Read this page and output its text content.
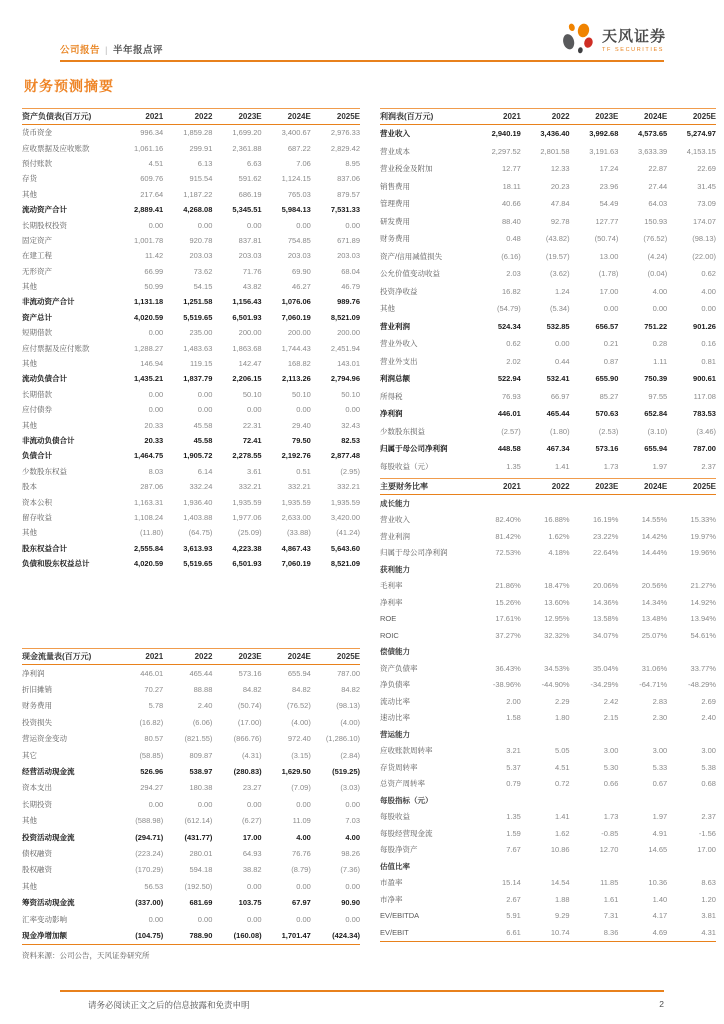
公司报告 | 半年报点评
天风证券
TF SECURITIES
财务预测摘要
资产负债表(百万元)	2021	2022	2023E	2024E	2025E
货币资金	996.34	1,859.28	1,699.20	3,400.67	2,976.33
应收票据及应收账款	1,061.16	299.91	2,361.88	687.22	2,829.42
预付账款	4.51	6.13	6.63	7.06	8.95
存货	609.76	915.54	591.62	1,124.15	837.06
其他	217.64	1,187.22	686.19	765.03	879.57
流动资产合计	2,889.41	4,268.08	5,345.51	5,984.13	7,531.33
长期股权投资	0.00	0.00	0.00	0.00	0.00
固定资产	1,001.78	920.78	837.81	754.85	671.89
在建工程	11.42	203.03	203.03	203.03	203.03
无形资产	66.99	73.62	71.76	69.90	68.04
其他	50.99	54.15	43.82	46.27	46.79
非流动资产合计	1,131.18	1,251.58	1,156.43	1,076.06	989.76
资产总计	4,020.59	5,519.65	6,501.93	7,060.19	8,521.09
短期借款	0.00	235.00	200.00	200.00	200.00
应付票据及应付账款	1,288.27	1,483.63	1,863.68	1,744.43	2,451.94
其他	146.94	119.15	142.47	168.82	143.01
流动负债合计	1,435.21	1,837.79	2,206.15	2,113.26	2,794.96
长期借款	0.00	0.00	50.10	50.10	50.10
应付债券	0.00	0.00	0.00	0.00	0.00
其他	20.33	45.58	22.31	29.40	32.43
非流动负债合计	20.33	45.58	72.41	79.50	82.53
负债合计	1,464.75	1,905.72	2,278.55	2,192.76	2,877.48
少数股东权益	8.03	6.14	3.61	0.51	(2.95)
股本	287.06	332.24	332.21	332.21	332.21
资本公积	1,163.31	1,936.40	1,935.59	1,935.59	1,935.59
留存收益	1,108.24	1,403.88	1,977.06	2,633.00	3,420.00
其他	(11.80)	(64.75)	(25.09)	(33.88)	(41.24)
股东权益合计	2,555.84	3,613.93	4,223.38	4,867.43	5,643.60
负债和股东权益总计	4,020.59	5,519.65	6,501.93	7,060.19	8,521.09
利润表(百万元)	2021	2022	2023E	2024E	2025E
营业收入	2,940.19	3,436.40	3,992.68	4,573.65	5,274.97
营业成本	2,297.52	2,801.58	3,191.63	3,633.39	4,153.15
营业税金及附加	12.77	12.33	17.24	22.87	22.69
销售费用	18.11	20.23	23.96	27.44	31.45
管理费用	40.66	47.84	54.49	64.03	73.09
研发费用	88.40	92.78	127.77	150.93	174.07
财务费用	0.48	(43.82)	(50.74)	(76.52)	(98.13)
资产/信用减值损失	(6.16)	(19.57)	13.00	(4.24)	(22.00)
公允价值变动收益	2.03	(3.62)	(1.78)	(0.04)	0.62
投资净收益	16.82	1.24	17.00	4.00	4.00
其他	(54.79)	(5.34)	0.00	0.00	0.00
营业利润	524.34	532.85	656.57	751.22	901.26
营业外收入	0.62	0.00	0.21	0.28	0.16
营业外支出	2.02	0.44	0.87	1.11	0.81
利润总额	522.94	532.41	655.90	750.39	900.61
所得税	76.93	66.97	85.27	97.55	117.08
净利润	446.01	465.44	570.63	652.84	783.53
少数股东损益	(2.57)	(1.80)	(2.53)	(3.10)	(3.46)
归属于母公司净利润	448.58	467.34	573.16	655.94	787.00
每股收益（元）	1.35	1.41	1.73	1.97	2.37
主要财务比率	2021	2022	2023E	2024E	2025E
成长能力
营业收入	82.40%	16.88%	16.19%	14.55%	15.33%
营业利润	81.42%	1.62%	23.22%	14.42%	19.97%
归属于母公司净利润	72.53%	4.18%	22.64%	14.44%	19.96%
获利能力
毛利率	21.86%	18.47%	20.06%	20.56%	21.27%
净利率	15.26%	13.60%	14.36%	14.34%	14.92%
ROE	17.61%	12.95%	13.58%	13.48%	13.94%
ROIC	37.27%	32.32%	34.07%	25.07%	54.61%
偿债能力
资产负债率	36.43%	34.53%	35.04%	31.06%	33.77%
净负债率	-38.96%	-44.90%	-34.29%	-64.71%	-48.29%
流动比率	2.00	2.29	2.42	2.83	2.69
速动比率	1.58	1.80	2.15	2.30	2.40
营运能力
应收账款周转率	3.21	5.05	3.00	3.00	3.00
存货周转率	5.37	4.51	5.30	5.33	5.38
总资产周转率	0.79	0.72	0.66	0.67	0.68
每股指标（元）
每股收益	1.35	1.41	1.73	1.97	2.37
每股经营现金流	1.59	1.62	-0.85	4.91	-1.56
每股净资产	7.67	10.86	12.70	14.65	17.00
估值比率
市盈率	15.14	14.54	11.85	10.36	8.63
市净率	2.67	1.88	1.61	1.40	1.20
EV/EBITDA	5.91	9.29	7.31	4.17	3.81
EV/EBIT	6.61	10.74	8.36	4.69	4.31
现金流量表(百万元)	2021	2022	2023E	2024E	2025E
净利润	446.01	465.44	573.16	655.94	787.00
折旧摊销	70.27	88.88	84.82	84.82	84.82
财务费用	5.78	2.40	(50.74)	(76.52)	(98.13)
投资损失	(16.82)	(6.06)	(17.00)	(4.00)	(4.00)
营运资金变动	80.57	(821.55)	(866.76)	972.40	(1,286.10)
其它	(58.85)	809.87	(4.31)	(3.15)	(2.84)
经营活动现金流	526.96	538.97	(280.83)	1,629.50	(519.25)
资本支出	294.27	180.38	23.27	(7.09)	(3.03)
长期投资	0.00	0.00	0.00	0.00	0.00
其他	(588.98)	(612.14)	(6.27)	11.09	7.03
投资活动现金流	(294.71)	(431.77)	17.00	4.00	4.00
债权融资	(223.24)	280.01	64.93	76.76	98.26
股权融资	(170.29)	594.18	38.82	(8.79)	(7.36)
其他	56.53	(192.50)	0.00	0.00	0.00
筹资活动现金流	(337.00)	681.69	103.75	67.97	90.90
汇率变动影响	0.00	0.00	0.00	0.00	0.00
现金净增加额	(104.75)	788.90	(160.08)	1,701.47	(424.34)
资料来源：公司公告，天风证券研究所
请务必阅读正文之后的信息披露和免责申明	2
